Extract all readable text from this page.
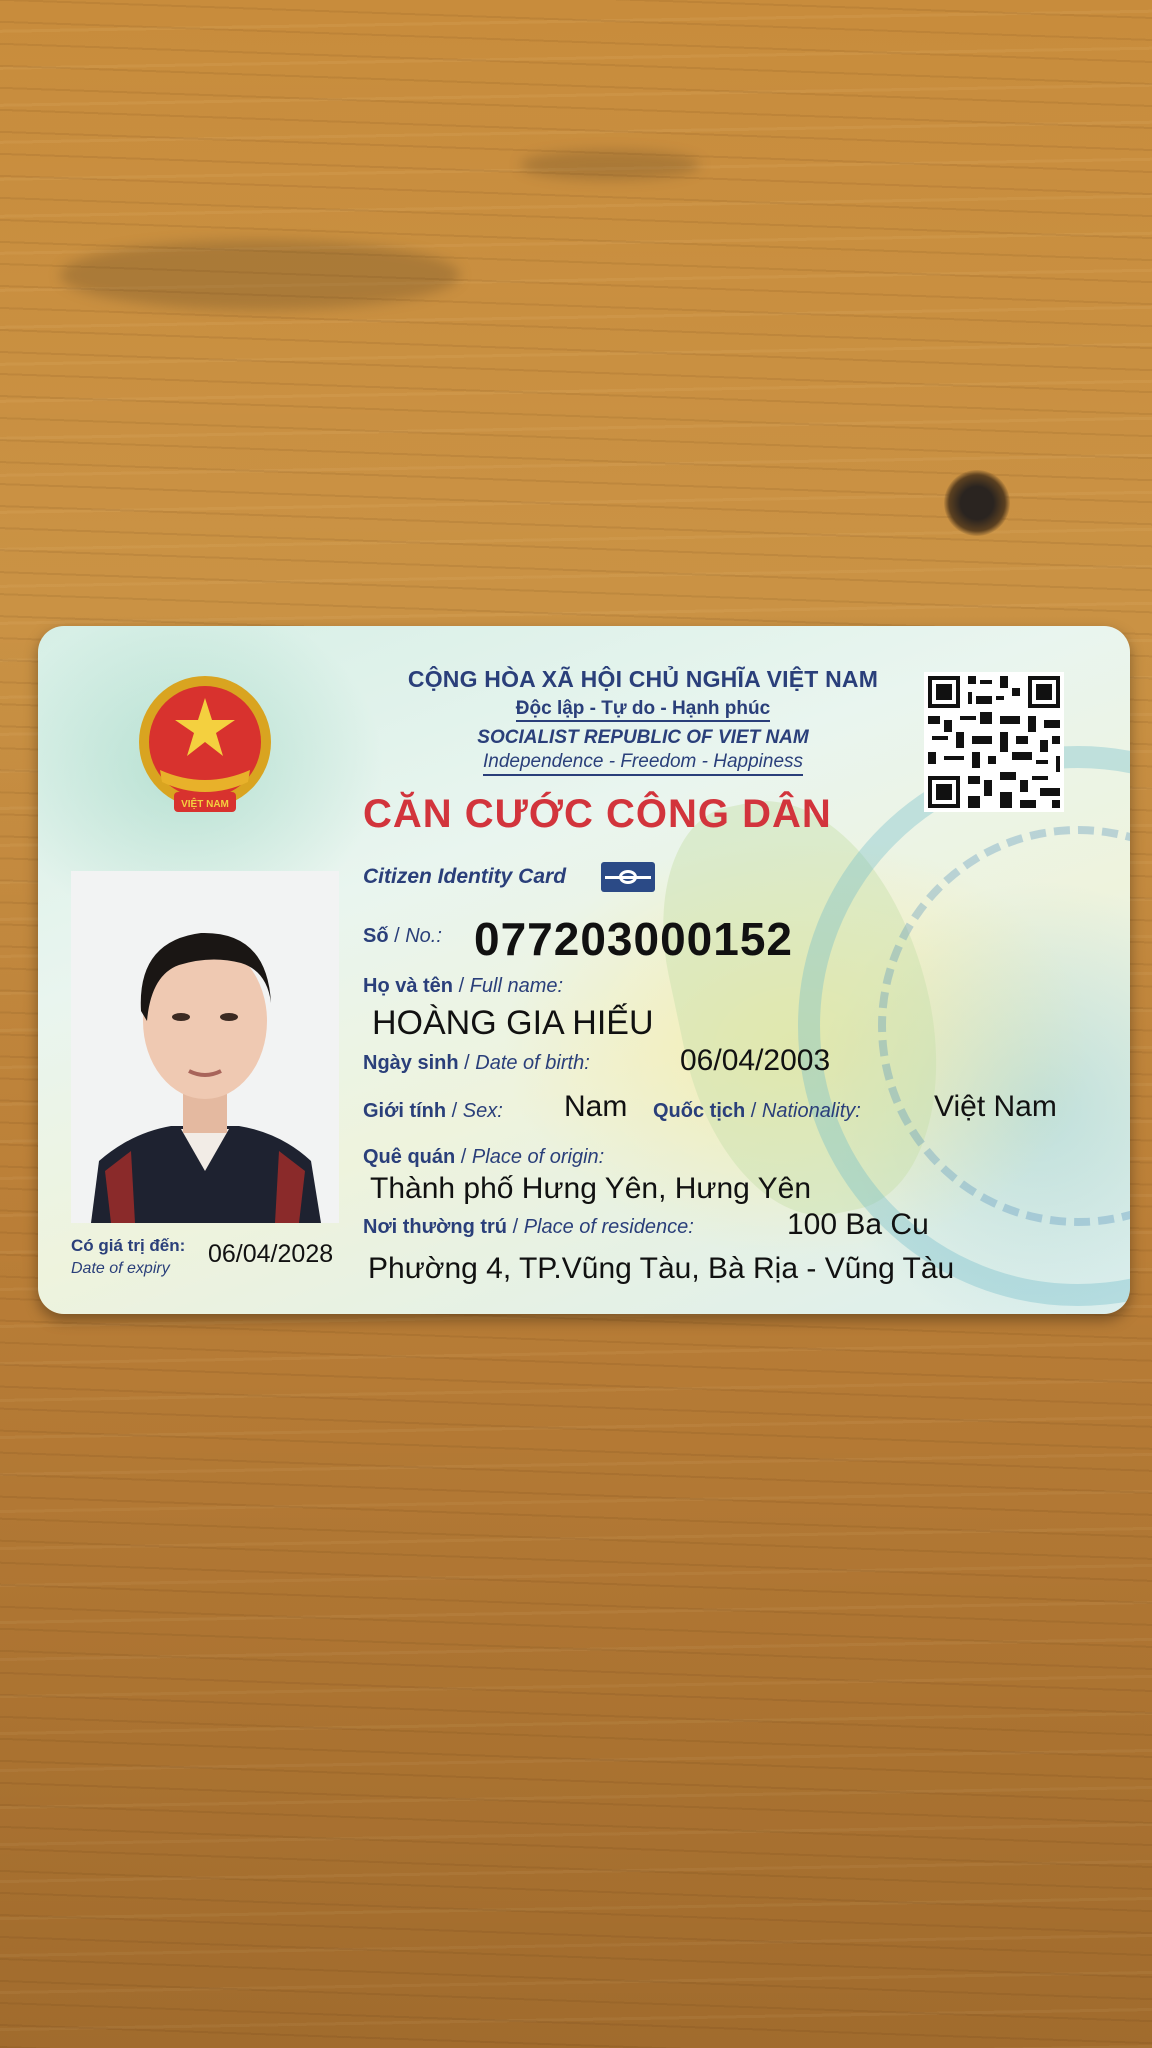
VIỆT NAM
CỘNG HÒA XÃ HỘI CHỦ NGHĨA VIỆT NAM
Độc lập - Tự do - Hạnh phúc
SOCIALIST REPUBLIC OF VIET NAM
Independence - Freedom - Happiness
CĂN CƯỚC CÔNG DÂN
Citizen Identity Card
Số / No.: 077203000152
Họ và tên / Full name:
HOÀNG GIA HIẾU
Ngày sinh / Date of birth:	06/04/2003
Giới tính / Sex: Nam Quốc tịch / Nationality: Việt Nam
Quê quán / Place of origin:
Thành phố Hưng Yên, Hưng Yên
Nơi thường trú / Place of residence:	100 Ba Cu
Phường 4, TP.Vũng Tàu, Bà Rịa - Vũng Tàu
Có giá trị đến:
Date of expiry
06/04/2028
